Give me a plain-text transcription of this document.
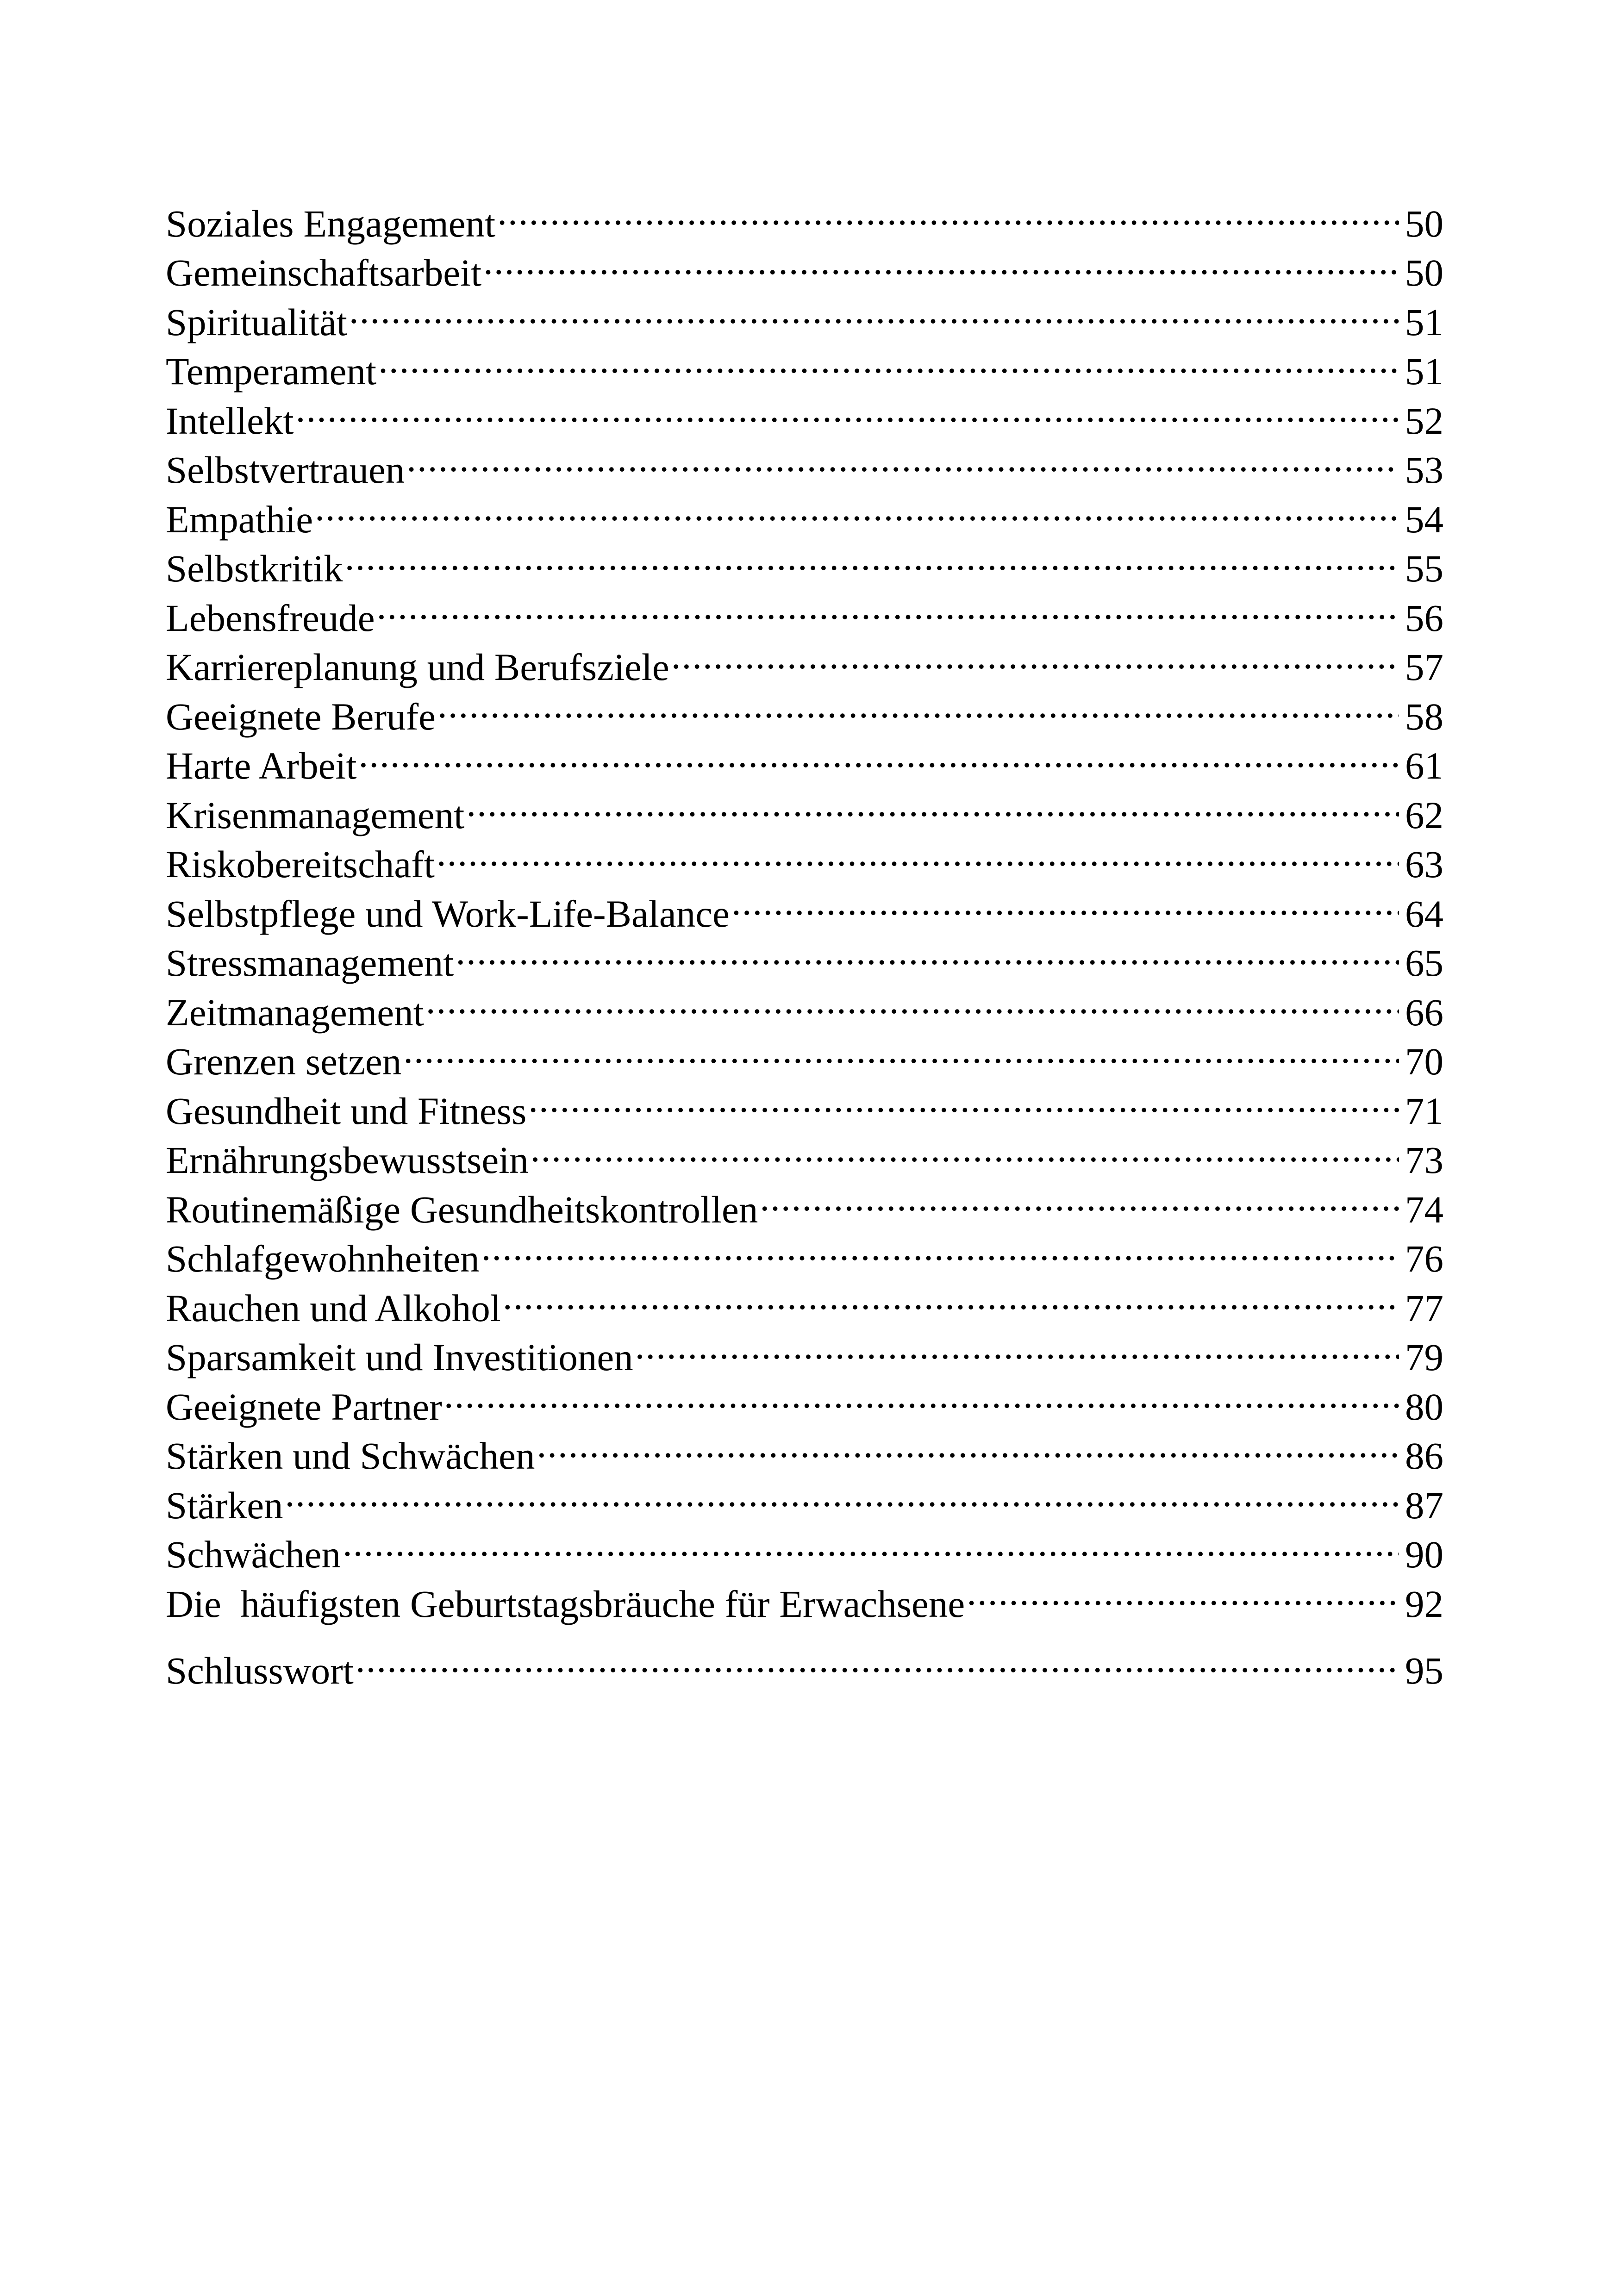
Soziales Engagement .....	50
Gemeinschaftsarbeit .....	50
Spiritualität .....	51
Temperament .....	51
Intellekt .....	52
Selbstvertrauen .....	53
Empathie .....	54
Selbstkritik .....	55
Lebensfreude .....	56
Karriereplanung und Berufsziele .....	57
Geeignete Berufe .....	58
Harte Arbeit .....	61
Krisenmanagement .....	62
Riskobereitschaft .....	63
Selbstpflege und Work-Life-Balance .....	64
Stressmanagement .....	65
Zeitmanagement .....	66
Grenzen setzen .....	70
Gesundheit und Fitness .....	71
Ernährungsbewusstsein .....	73
Routinemäßige Gesundheitskontrollen .....	74
Schlafgewohnheiten .....	76
Rauchen und Alkohol .....	77
Sparsamkeit und Investitionen .....	79
Geeignete Partner .....	80
Stärken und Schwächen .....	86
Stärken .....	87
Schwächen .....	90
Die  häufigsten Geburtstagsbräuche für Erwachsene .....	92
Schlusswort .....	95
